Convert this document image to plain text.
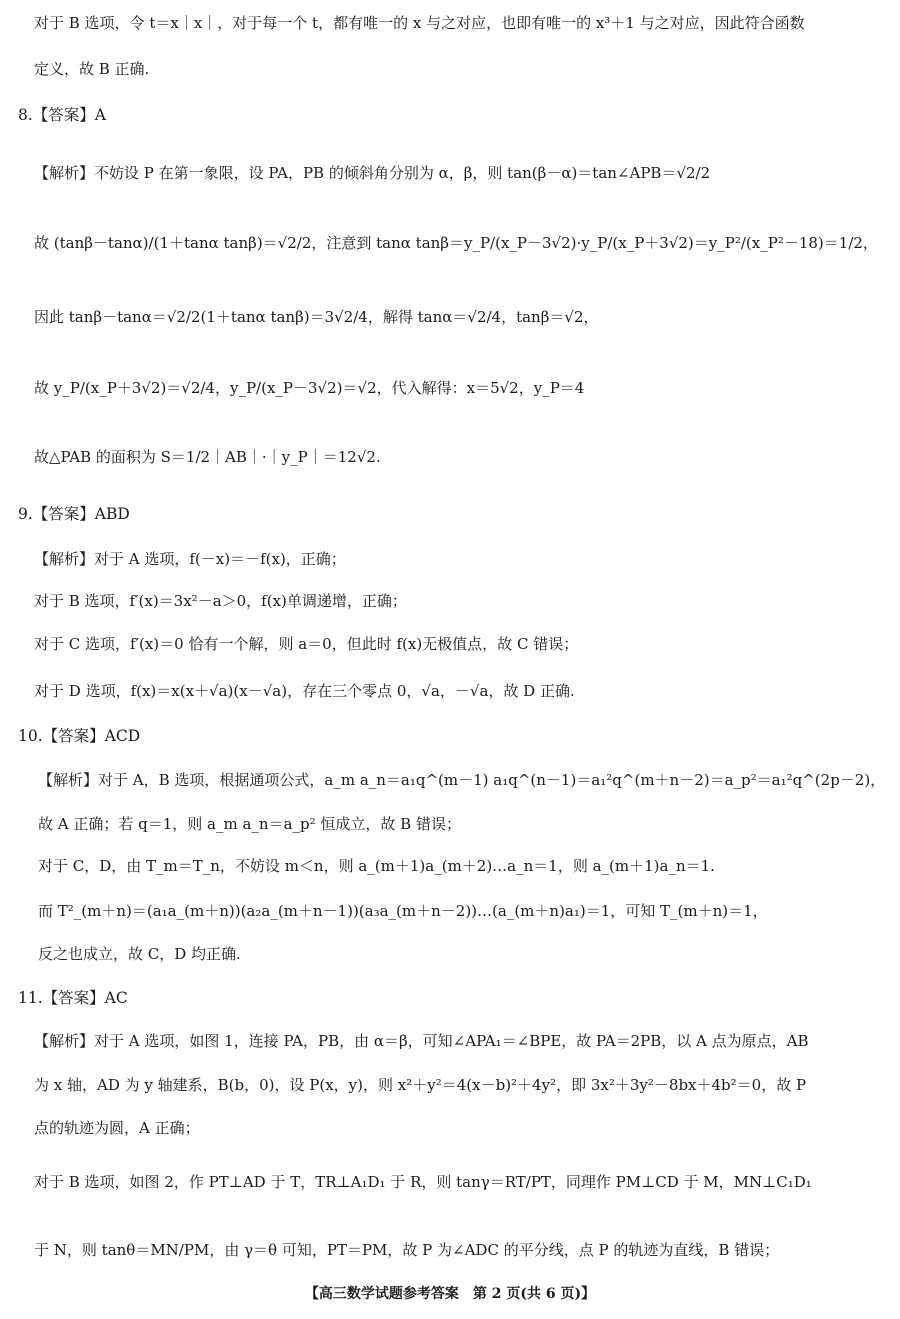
对于 B 选项，令 t＝x｜x｜，对于每一个 t，都有唯一的 x 与之对应，也即有唯一的 x³＋1 与之对应，因此符合函数
定义，故 B 正确.
8.【答案】A
【解析】不妨设 P 在第一象限，设 PA，PB 的倾斜角分别为 α，β，则 tan(β－α)＝tan∠APB＝√2/2
故 (tanβ－tanα)/(1＋tanα tanβ)＝√2/2，注意到 tanα tanβ＝y_P/(x_P－3√2)·y_P/(x_P＋3√2)＝y_P²/(x_P²－18)＝1/2，
因此 tanβ－tanα＝√2/2(1＋tanα tanβ)＝3√2/4，解得 tanα＝√2/4，tanβ＝√2，
故 y_P/(x_P＋3√2)＝√2/4，y_P/(x_P－3√2)＝√2，代入解得：x＝5√2，y_P＝4
故△PAB 的面积为 S＝1/2｜AB｜·｜y_P｜＝12√2.
9.【答案】ABD
【解析】对于 A 选项，f(－x)＝－f(x)，正确；
对于 B 选项，f′(x)＝3x²－a＞0，f(x)单调递增，正确；
对于 C 选项，f′(x)＝0 恰有一个解，则 a＝0，但此时 f(x)无极值点，故 C 错误；
对于 D 选项，f(x)＝x(x＋√a)(x－√a)，存在三个零点 0，√a，－√a，故 D 正确.
10.【答案】ACD
【解析】对于 A，B 选项，根据通项公式，a_m a_n＝a₁q^(m－1) a₁q^(n－1)＝a₁²q^(m＋n－2)＝a_p²＝a₁²q^(2p－2)，
故 A 正确；若 q＝1，则 a_m a_n＝a_p² 恒成立，故 B 错误；
对于 C，D，由 T_m＝T_n，不妨设 m＜n，则 a_(m＋1)a_(m＋2)…a_n＝1，则 a_(m＋1)a_n＝1.
而 T²_(m＋n)＝(a₁a_(m＋n))(a₂a_(m＋n－1))(a₃a_(m＋n－2))…(a_(m＋n)a₁)＝1，可知 T_(m＋n)＝1，
反之也成立，故 C，D 均正确.
11.【答案】AC
【解析】对于 A 选项，如图 1，连接 PA，PB，由 α＝β，可知∠APA₁＝∠BPE，故 PA＝2PB，以 A 点为原点，AB
为 x 轴，AD 为 y 轴建系，B(b，0)，设 P(x，y)，则 x²＋y²＝4(x－b)²＋4y²，即 3x²＋3y²－8bx＋4b²＝0，故 P
点的轨迹为圆，A 正确；
对于 B 选项，如图 2，作 PT⊥AD 于 T，TR⊥A₁D₁ 于 R，则 tanγ＝RT/PT，同理作 PM⊥CD 于 M，MN⊥C₁D₁
于 N，则 tanθ＝MN/PM，由 γ＝θ 可知，PT＝PM，故 P 为∠ADC 的平分线，点 P 的轨迹为直线，B 错误；
【高三数学试题参考答案　第 2 页(共 6 页)】
